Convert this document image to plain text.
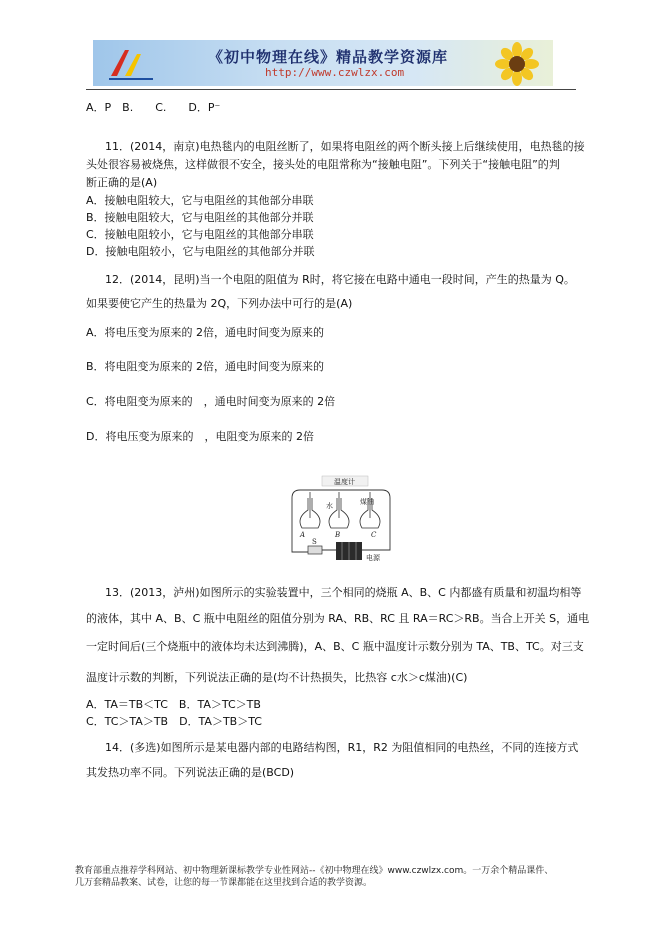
《初中物理在线》精品教学资源库
http://www.czwlzx.com
A．P　B.　　C.　　D．P⁻
11．(2014，南京)电热毯内的电阻丝断了，如果将电阻丝的两个断头接上后继续使用，电热毯的接
头处很容易被烧焦，这样做很不安全，接头处的电阻常称为“接触电阻”。下列关于“接触电阻”的判
断正确的是(A)
A．接触电阻较大，它与电阻丝的其他部分串联
B．接触电阻较大，它与电阻丝的其他部分并联
C．接触电阻较小，它与电阻丝的其他部分串联
D．接触电阻较小，它与电阻丝的其他部分并联
12．(2014，昆明)当一个电阻的阻值为 R时，将它接在电路中通电一段时间，产生的热量为 Q。
如果要使它产生的热量为 2Q，下列办法中可行的是(A)
A．将电压变为原来的 2倍，通电时间变为原来的
B．将电阻变为原来的 2倍，通电时间变为原来的
C．将电阻变为原来的　，通电时间变为原来的 2倍
D．将电压变为原来的　，电阻变为原来的 2倍
温度计
水	煤油
A	B	C
S
电源
13．(2013，泸州)如图所示的实验装置中，三个相同的烧瓶 A、B、C 内都盛有质量和初温均相等
的液体，其中 A、B、C 瓶中电阻丝的阻值分别为 RA、RB、RC 且 RA＝RC＞RB。当合上开关 S，通电
一定时间后(三个烧瓶中的液体均未达到沸腾)，A、B、C 瓶中温度计示数分别为 TA、TB、TC。对三支
温度计示数的判断，下列说法正确的是(均不计热损失，比热容 c水＞c煤油)(C)
A．TA＝TB＜TC　B．TA＞TC＞TB
C．TC＞TA＞TB　D．TA＞TB＞TC
14．(多选)如图所示是某电器内部的电路结构图，R1，R2 为阻值相同的电热丝，不同的连接方式
其发热功率不同。下列说法正确的是(BCD)
教育部重点推荐学科网站、初中物理新课标教学专业性网站--《初中物理在线》www.czwlzx.com。一万余个精品课件、
几万套精品教案、试卷，让您的每一节课都能在这里找到合适的教学资源。
